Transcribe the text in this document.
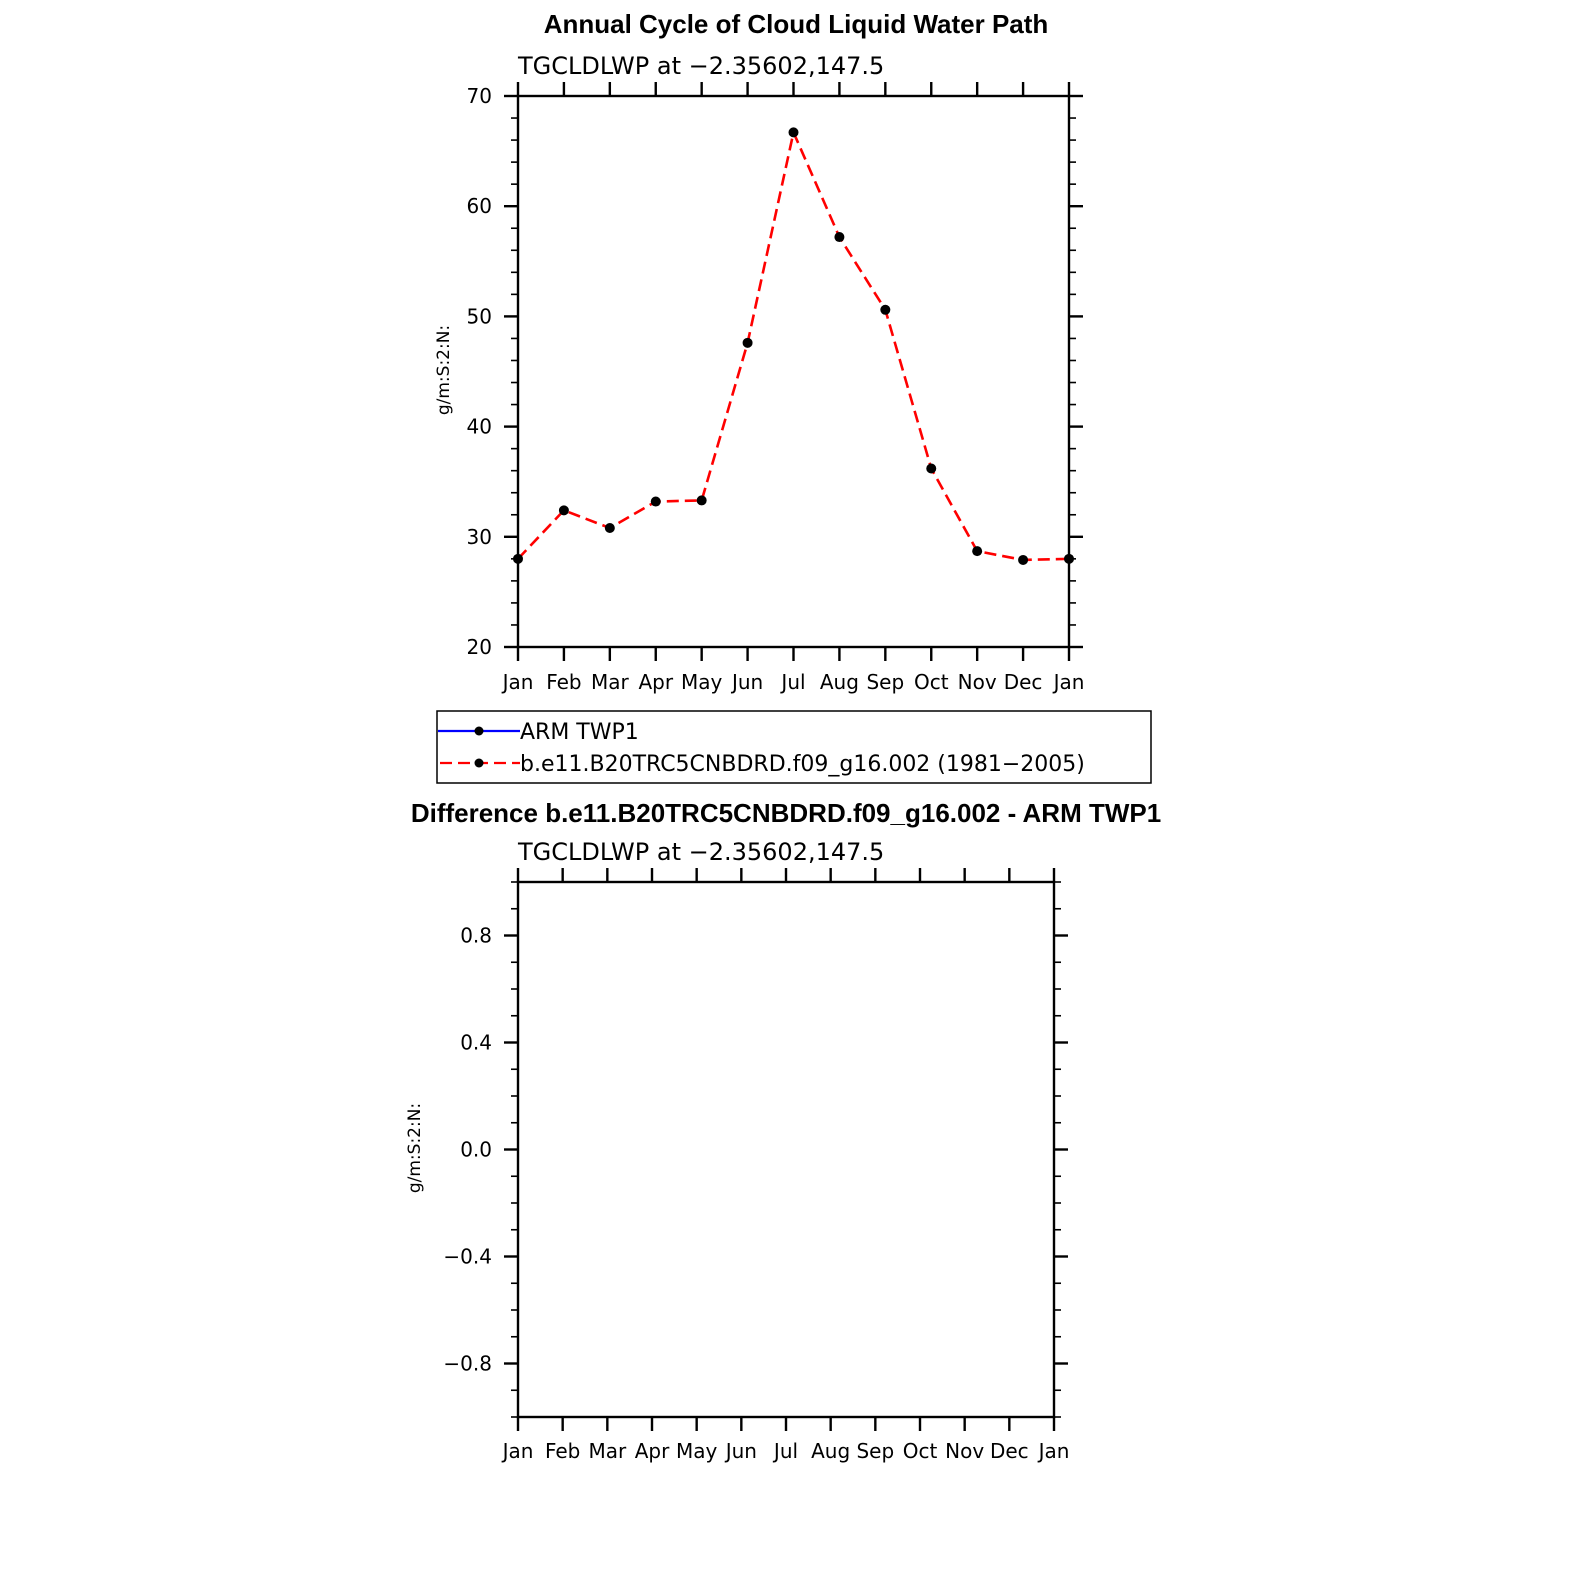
Annual Cycle of Cloud Liquid Water Path
TGCLDLWP at −2.35602,147.5
g/m:S:2:N:
20
30
40
50
60
70
Jan Feb Mar Apr May Jun Jul Aug Sep Oct Nov Dec Jan
ARM TWP1
b.e11.B20TRC5CNBDRD.f09_g16.002 (1981−2005)
Difference b.e11.B20TRC5CNBDRD.f09_g16.002 - ARM TWP1
TGCLDLWP at −2.35602,147.5
g/m:S:2:N:
−0.8
−0.4
0.0
0.4
0.8
Jan Feb Mar Apr May Jun Jul Aug Sep Oct Nov Dec Jan
